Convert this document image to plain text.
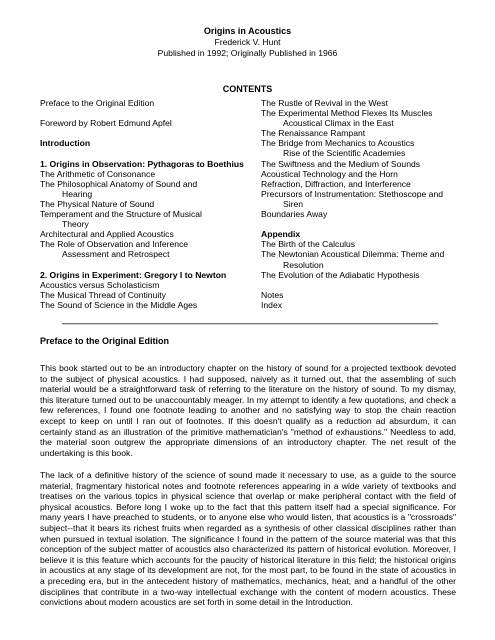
Origins in Acoustics
Frederick V. Hunt
Published in 1992; Originally Published in 1966
CONTENTS
Preface to the Original Edition
Foreword by Robert Edmund Apfel
Introduction
1. Origins in Observation: Pythagoras to Boethius
The Arithmetic of Consonance
The Philosophical Anatomy of Sound and
Hearing
The Physical Nature of Sound
Temperament and the Structure of Musical
Theory
Architectural and Applied Acoustics
The Role of Observation and Inference
Assessment and Retrospect
2. Origins in Experiment: Gregory I to Newton
Acoustics versus Scholasticism
The Musical Thread of Continuity
The Sound of Science in the Middle Ages
The Rustle of Revival in the West
The Experimental Method Flexes Its Muscles
Acoustical Climax in the East
The Renaissance Rampant
The Bridge from Mechanics to Acoustics
Rise of the Scientific Academies
The Swiftness and the Medium of Sounds
Acoustical Technology and the Horn
Refraction, Diffraction, and Interference
Precursors of Instrumentation: Stethoscope and
Siren
Boundaries Away
Appendix
The Birth of the Calculus
The Newtonian Acoustical Dilemma: Theme and
Resolution
The Evolution of the Adiabatic Hypothesis
Notes
Index
Preface to the Original Edition

This book started out to be an introductory chapter on the history of sound for a projected textbook devoted to the subject of physical acoustics. I had supposed, naively as it turned out, that the assembling of such material would be a straightforward task of referring to the literature on the history of sound. To my dismay, this literature turned out to be unaccountably meager. In my attempt to identify a few quotations, and check a few references, I found one footnote leading to another and no satisfying way to stop the chain reaction except to keep on until I ran out of footnotes. If this doesn't qualify as a reduction ad absurdum, it can certainly stand as an illustration of the primitive mathematician's "method of exhaustions." Needless to add, the material soon outgrew the appropriate dimensions of an introductory chapter. The net result of the undertaking is this book.

The lack of a definitive history of the science of sound made it necessary to use, as a guide to the source material, fragmentary historical notes and footnote references appearing in a wide variety of textbooks and treatises on the various topics in physical science that overlap or make peripheral contact with the field of physical acoustics. Before long I woke up to the fact that this pattern itself had a special significance. For many years I have preached to students, or to anyone else who would listen, that acoustics is a "crossroads" subject--that it bears its richest fruits when regarded as a synthesis of other classical disciplines rather than when pursued in textual isolation. The significance I found in the pattern of the source material was that this conception of the subject matter of acoustics also characterized its pattern of historical evolution. Moreover, I believe it is this feature which accounts for the paucity of historical literature in this field; the historical origins in acoustics at any stage of its development are not, for the most part, to be found in the state of acoustics in a preceding era, but in the antecedent history of mathematics, mechanics, heat, and a handful of the other disciplines that contribute in a two-way intellectual exchange with the content of modern acoustics. These convictions about modern acoustics are set forth in some detail in the Introduction.
